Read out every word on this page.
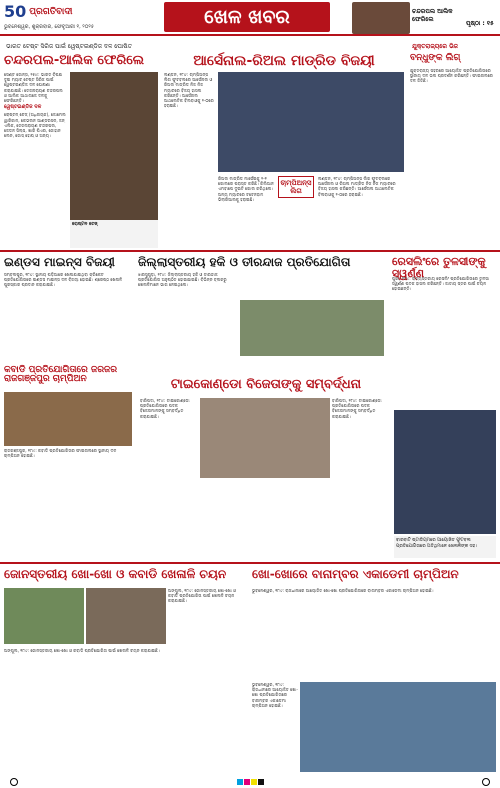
50 ପ୍ରଗତିବାଦୀ
ଭୁବନେଶ୍ୱର, ଶୁକ୍ରବାର, ଫେବୃଆରୀ ୧, ୨୦୨୫	ଖେଳ ଖବର	ଚନ୍ଦରପଲ ଆଲିକ ଫେରିଲେ
ପୃଷ୍ଠା : ୧୫
ଭାରତ ଟେଷ୍ଟ ସିରିଜ ପାଇଁ ୱେଷ୍ଟଇଣ୍ଡିଜ ଦଳ ଘୋଷିତ	ଯୁକ୍ତରାଜ୍ୟରେ ଭିଜ
ଚନ୍ଦରପଲ-ଆଲିକ ଫେରିଲେ
ସେଣ୍ଟ ଜୋନ୍ସ, ୨୫ା୯: ଭାରତ ବିପକ୍ଷ ଦୁଇ ମ୍ୟାଚ୍ ଟେଷ୍ଟ ସିରିଜ ପାଇଁ ୱେଷ୍ଟଇଣ୍ଡିଜ ଦଳ ଘୋଷଣା କରାଯାଇଛି। ତେଜନାରାୟଣ ଚନ୍ଦରପଲ ଓ ଆଲିକ ଆଥାନାଜେ ଦଳକୁ ଫେରିଛନ୍ତି।
ୱେଷ୍ଟଇଣ୍ଡିଜ ଦଳ
ରୋଷ୍ଟନ୍ ଚେଜ୍ (ଅଧିନାୟକ), ଜୋମେଲ ୱାରିକାନ, କେଭଲନ ଆଣ୍ଡରସନ, ଜନ୍ ଏଲିକ, ତେଜନାରାୟଣ ଚନ୍ଦରପଲ, ଜେଡନ ସିଲ୍ସ, ଖାରି ପିଏର, ଜୋହାନ ଲେନ, ଜୋସ୍‌ ହୋପ୍‌ ଓ ଅନ୍ୟ।
ରୋଷ୍ଟନ ଚେଜ୍
ଆର୍ସେନାଲ-ରିଅଲ ମାଡ୍ରିଡ ବିଜୟୀ
ଲଣ୍ଡନ, ୧୮ା୯: ଚାମ୍ପିଅନ୍ସ ଲିଗ ଫୁଟବଲରେ ଆର୍ସେନାଲ ଓ ରିଅଲ ମାଡ୍ରିଡ ନିଜ ନିଜ ମ୍ୟାଚରେ ବିଜୟ ହାସଲ କରିଛନ୍ତି। ଆର୍ସେନାଲ ଆଥଲେଟିକ ବିଲବାଓକୁ ୨-୦ରେ ହରାଇଛି।
ଚାମ୍ପିଅନ୍ସ ଲିଗ
ରିଅଲ ମାଡ୍ରିଡ ମାର୍ସେଇକୁ ୨-୧ ଗୋଲରେ ପରାସ୍ତ କରିଛି। କିଲିଆନ ଏମବାପେ ଦୁଇଟି ଗୋଲ କରିଥିଲେ। ଅନ୍ୟ ମ୍ୟାଚରେ ଟଟେନହାମ ଭିଲାରିଆଲକୁ ହରାଇଛି।
ଲଣ୍ଡନ, ୧୮ା୯: ଚାମ୍ପିଅନ୍ସ ଲିଗ ଫୁଟବଲରେ ଆର୍ସେନାଲ ଓ ରିଅଲ ମାଡ୍ରିଡ ନିଜ ନିଜ ମ୍ୟାଚରେ ବିଜୟ ହାସଲ କରିଛନ୍ତି। ଆର୍ସେନାଲ ଆଥଲେଟିକ ବିଲବାଓକୁ ୨-୦ରେ ହରାଇଛି।
ବନ୍ଧୁଙ୍କ ଲିଗ୍‌
ଯୁକ୍ତରାଜ୍ୟ ସହରରେ ଆୟୋଜିତ ପ୍ରତିଯୋଗିତାରେ ସ୍ଥାନୀୟ ଦଳ ଭଲ ପ୍ରଦର୍ଶନ କରିଛନ୍ତି। ଫାଇନାଲରେ ଦଳ ଜିତିଛି।
ଇଣ୍ଡସ ମାଇନ୍‌ସ ବିଜୟୀ
ସମ୍ବଲପୁର, ୧୮ା୯: ସ୍ଥାନୀୟ ପଡ଼ିଆରେ ଖେଳାଯାଇଥିବା କ୍ରିକେଟ ପ୍ରତିଯୋଗିତାରେ ଇଣ୍ଡସ ମାଇନ୍ସ ଦଳ ବିଜୟୀ ହୋଇଛି। ଶ୍ରେଷ୍ଠ ଖେଳାଳି ପୁରସ୍କାର ପ୍ରଦାନ କରାଯାଇଛି।
ଜିଲ୍ଲାସ୍ତରୀୟ ହକି ଓ ତୀରନ୍ଦାଜ ପ୍ରତିଯୋଗିତା
ଝାରସୁଗୁଡ଼ା, ୧୮ା୯: ଜିଲ୍ଲାସ୍ତରୀୟ ହକି ଓ ତୀରନ୍ଦାଜ ପ୍ରତିଯୋଗିତା ଅନୁଷ୍ଠିତ ହୋଇଯାଇଛି। ବିଭିନ୍ନ ବ୍ଲକରୁ ଖେଳାଳିମାନେ ଭାଗ ନେଇଥିଲେ।
ରେସଲିଂରେ ତୁଳସୀଙ୍କୁ ସ୍ୱର୍ଣ୍ଣ
ପୁରୀ, ୧୮ା୯: ରାଜ୍ୟସ୍ତରୀୟ ରେସଲିଂ ପ୍ରତିଯୋଗିତାରେ ତୁଳସୀ ସ୍ୱର୍ଣ୍ଣ ପଦକ ହାସଲ କରିଛନ୍ତି। ଜାତୀୟ ସ୍ତର ପାଇଁ ଚୟନ ହୋଇଛନ୍ତି।
କବାଡି ପ୍ରତିଯୋଗିତାରେ ଜରଜର ରାଜଗଞ୍ଜପୁର ଚାମ୍ପିଅନ
ରାଜଗଞ୍ଜପୁର, ୧୮ା୯: କବାଡି ପ୍ରତିଯୋଗିତାର ଫାଇନାଲରେ ସ୍ଥାନୀୟ ଦଳ ଚାମ୍ପିଅନ ହୋଇଛି।
ଟାଇକୋଣ୍ଡୋ ବିଜେତାଙ୍କୁ ସମ୍ବର୍ଦ୍ଧନା
ବାରିପଦା, ୧୮ା୯: ଟାଇକୋଣ୍ଡୋ ପ୍ରତିଯୋଗିତାରେ ପଦକ ବିଜେତାମାନଙ୍କୁ ସମ୍ବର୍ଦ୍ଧିତ କରାଯାଇଛି।
ବାରିପଦା, ୧୮ା୯: ଟାଇକୋଣ୍ଡୋ ପ୍ରତିଯୋଗିତାରେ ପଦକ ବିଜେତାମାନଙ୍କୁ ସମ୍ବର୍ଦ୍ଧିତ କରାଯାଇଛି।
ବାରବାଟି ଷ୍ଟାଡିୟମରେ ଆୟୋଜିତ ଫୁଟବଲ ପ୍ରତିଯୋଗିତାରେ ଅତିଥିମାନେ ଖେଳାଳିଙ୍କ ସହ।
ଜୋନସ୍ତରୀୟ ଖୋ-ଖୋ ଓ କବାଡି ଖେଳାଳି ଚୟନ
ଅଙ୍ଗୁଲ, ୧୮ା୯: ଜୋନସ୍ତରୀୟ ଖୋ-ଖୋ ଓ କବାଡି ପ୍ରତିଯୋଗିତା ପାଇଁ ଖେଳାଳି ଚୟନ କରାଯାଇଛି।
ଅଙ୍ଗୁଲ, ୧୮ା୯: ଜୋନସ୍ତରୀୟ ଖୋ-ଖୋ ଓ କବାଡି ପ୍ରତିଯୋଗିତା ପାଇଁ ଖେଳାଳି ଚୟନ କରାଯାଇଛି।
ଖୋ-ଖୋରେ ବାନାମ୍ବର ଏକାଡେମୀ ଚାମ୍ପିଅନ
ଭୁବନେଶ୍ୱର, ୧୮ା୯: ରାଜଧାନୀରେ ଆୟୋଜିତ ଖୋ-ଖୋ ପ୍ରତିଯୋଗିତାରେ ବାନାମ୍ବର ଏକାଡେମୀ ଚାମ୍ପିଅନ ହୋଇଛି।
ଭୁବନେଶ୍ୱର, ୧୮ା୯: ରାଜଧାନୀରେ ଆୟୋଜିତ ଖୋ-ଖୋ ପ୍ରତିଯୋଗିତାରେ ବାନାମ୍ବର ଏକାଡେମୀ ଚାମ୍ପିଅନ ହୋଇଛି।
